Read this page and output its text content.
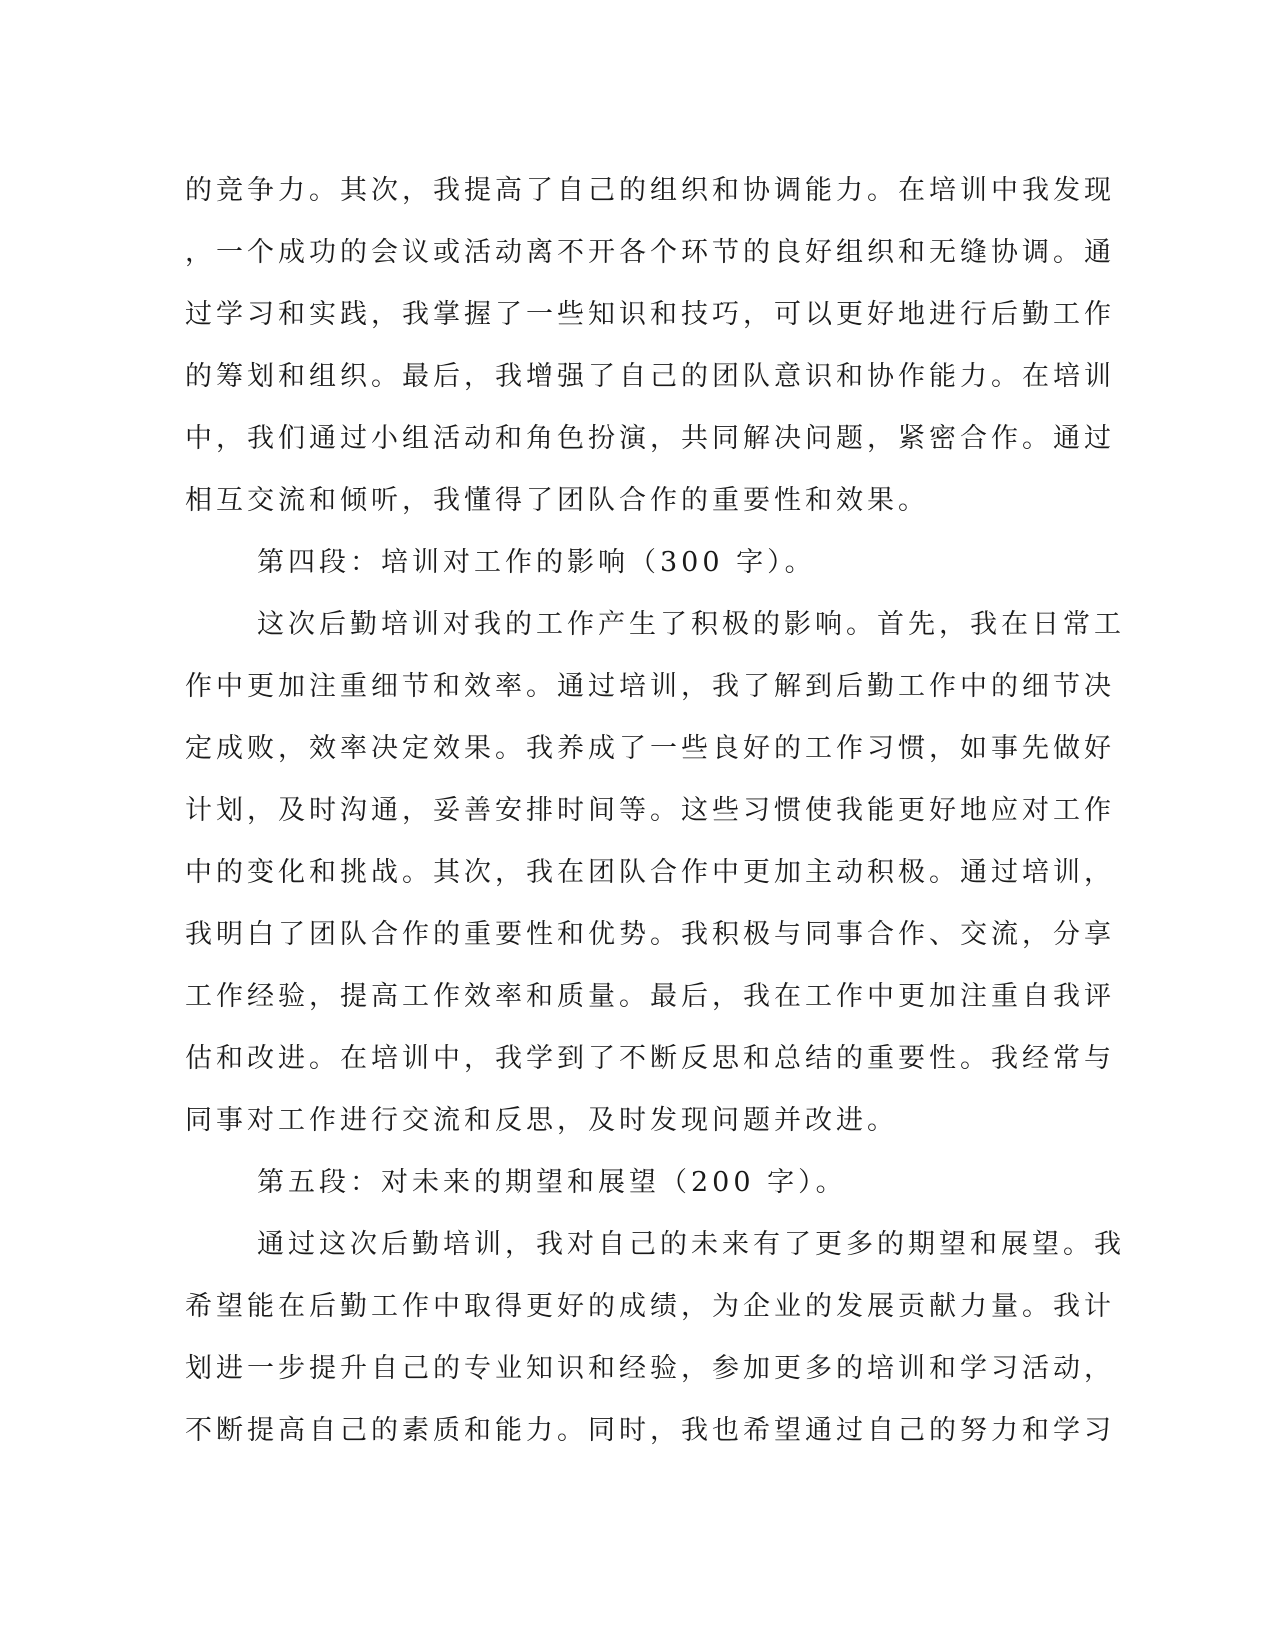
的竞争力。其次，我提高了自己的组织和协调能力。在培训中我发现
，一个成功的会议或活动离不开各个环节的良好组织和无缝协调。通
过学习和实践，我掌握了一些知识和技巧，可以更好地进行后勤工作
的筹划和组织。最后，我增强了自己的团队意识和协作能力。在培训
中，我们通过小组活动和角色扮演，共同解决问题，紧密合作。通过
相互交流和倾听，我懂得了团队合作的重要性和效果。
第四段：培训对工作的影响（300 字）。
这次后勤培训对我的工作产生了积极的影响。首先，我在日常工
作中更加注重细节和效率。通过培训，我了解到后勤工作中的细节决
定成败，效率决定效果。我养成了一些良好的工作习惯，如事先做好
计划，及时沟通，妥善安排时间等。这些习惯使我能更好地应对工作
中的变化和挑战。其次，我在团队合作中更加主动积极。通过培训，
我明白了团队合作的重要性和优势。我积极与同事合作、交流，分享
工作经验，提高工作效率和质量。最后，我在工作中更加注重自我评
估和改进。在培训中，我学到了不断反思和总结的重要性。我经常与
同事对工作进行交流和反思，及时发现问题并改进。
第五段：对未来的期望和展望（200 字）。
通过这次后勤培训，我对自己的未来有了更多的期望和展望。我
希望能在后勤工作中取得更好的成绩，为企业的发展贡献力量。我计
划进一步提升自己的专业知识和经验，参加更多的培训和学习活动，
不断提高自己的素质和能力。同时，我也希望通过自己的努力和学习
